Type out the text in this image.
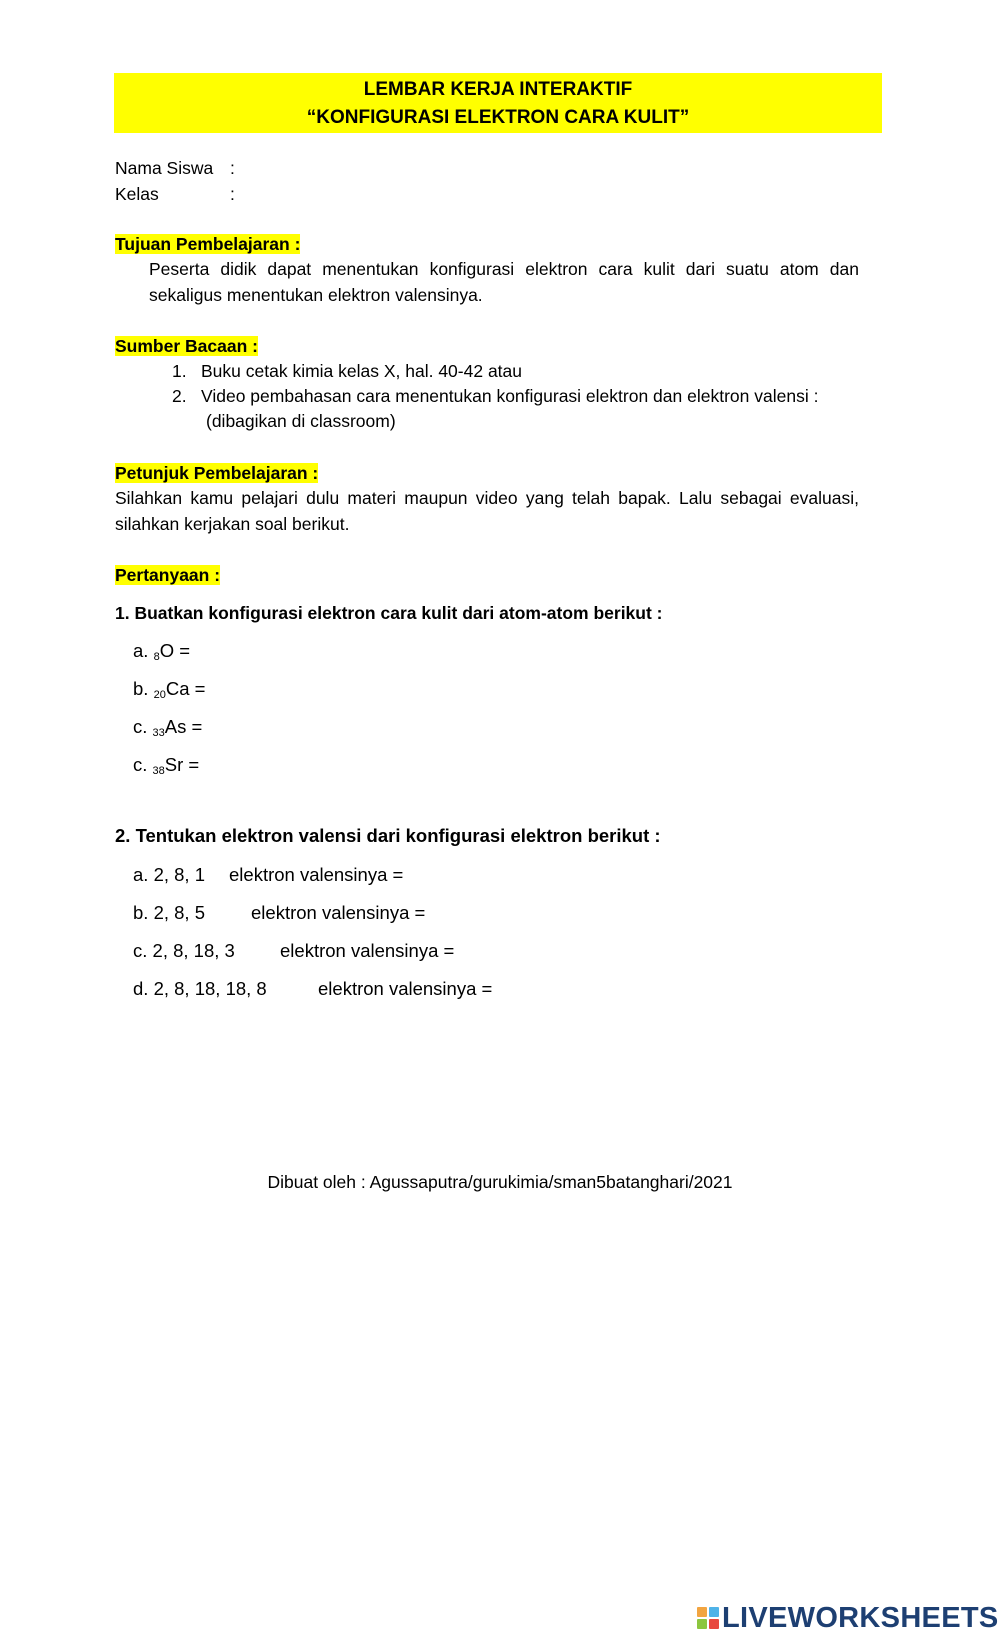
LEMBAR KERJA INTERAKTIF
“KONFIGURASI ELEKTRON CARA KULIT”
Nama Siswa :
Kelas	:
Tujuan Pembelajaran :
Peserta didik dapat menentukan konfigurasi elektron cara kulit dari suatu atom dan sekaligus menentukan elektron valensinya.
Sumber Bacaan :
1. Buku cetak kimia kelas X, hal. 40-42 atau
2. Video pembahasan cara menentukan konfigurasi elektron dan elektron valensi :
(dibagikan di classroom)
Petunjuk Pembelajaran :
Silahkan kamu pelajari dulu materi maupun video yang telah bapak. Lalu sebagai evaluasi, silahkan kerjakan soal berikut.
Pertanyaan :
1. Buatkan konfigurasi elektron cara kulit dari atom-atom berikut :
a. $_8$O =
b. $_{20}$Ca =
c. $_{33}$As =
c. $_{38}$Sr =
2. Tentukan elektron valensi dari konfigurasi elektron berikut :
a. 2, 8, 1 elektron valensinya =
b. 2, 8, 5 elektron valensinya =
c. 2, 8, 18, 3 elektron valensinya =
d. 2, 8, 18, 18, 8	elektron valensinya =
Dibuat oleh : Agussaputra/gurukimia/sman5batanghari/2021
LIVEWORKSHEETS
